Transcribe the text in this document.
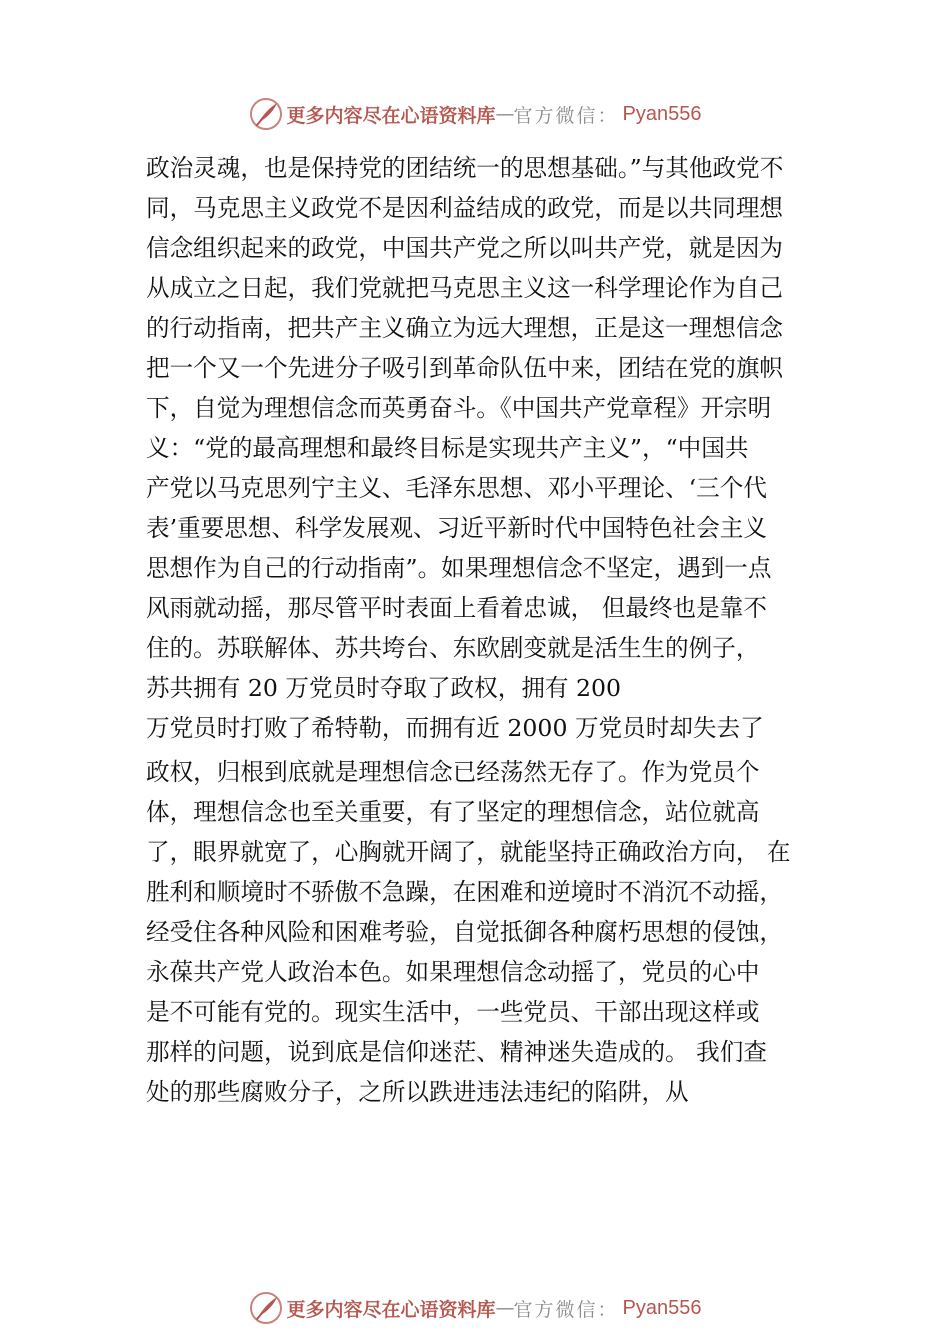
更多内容尽在心语资料库 — 官方微信： Pyan556
政治灵魂，也是保持党的团结统一的思想基础。”与其他政党不
同，马克思主义政党不是因利益结成的政党，而是以共同理想
信念组织起来的政党，中国共产党之所以叫共产党，就是因为
从成立之日起，我们党就把马克思主义这一科学理论作为自己
的行动指南，把共产主义确立为远大理想，正是这一理想信念
把一个又一个先进分子吸引到革命队伍中来，团结在党的旗帜
下，自觉为理想信念而英勇奋斗。《中国共产党章程》开宗明
义：“党的最高理想和最终目标是实现共产主义”，“中国共
产党以马克思列宁主义、毛泽东思想、邓小平理论、‘三个代
表’重要思想、科学发展观、习近平新时代中国特色社会主义
思想作为自己的行动指南”。如果理想信念不坚定，遇到一点
风雨就动摇，那尽管平时表面上看着忠诚， 但最终也是靠不
住的。苏联解体、苏共垮台、东欧剧变就是活生生的例子，
苏共拥有 20 万党员时夺取了政权，拥有 200
万党员时打败了希特勒，而拥有近 2000 万党员时却失去了
政权，归根到底就是理想信念已经荡然无存了。作为党员个
体，理想信念也至关重要，有了坚定的理想信念，站位就高
了，眼界就宽了，心胸就开阔了，就能坚持正确政治方向， 在
胜利和顺境时不骄傲不急躁，在困难和逆境时不消沉不动摇，
经受住各种风险和困难考验，自觉抵御各种腐朽思想的侵蚀，
永葆共产党人政治本色。如果理想信念动摇了，党员的心中
是不可能有党的。现实生活中，一些党员、干部出现这样或
那样的问题，说到底是信仰迷茫、精神迷失造成的。 我们查
处的那些腐败分子，之所以跌进违法违纪的陷阱，从
更多内容尽在心语资料库 — 官方微信： Pyan556
